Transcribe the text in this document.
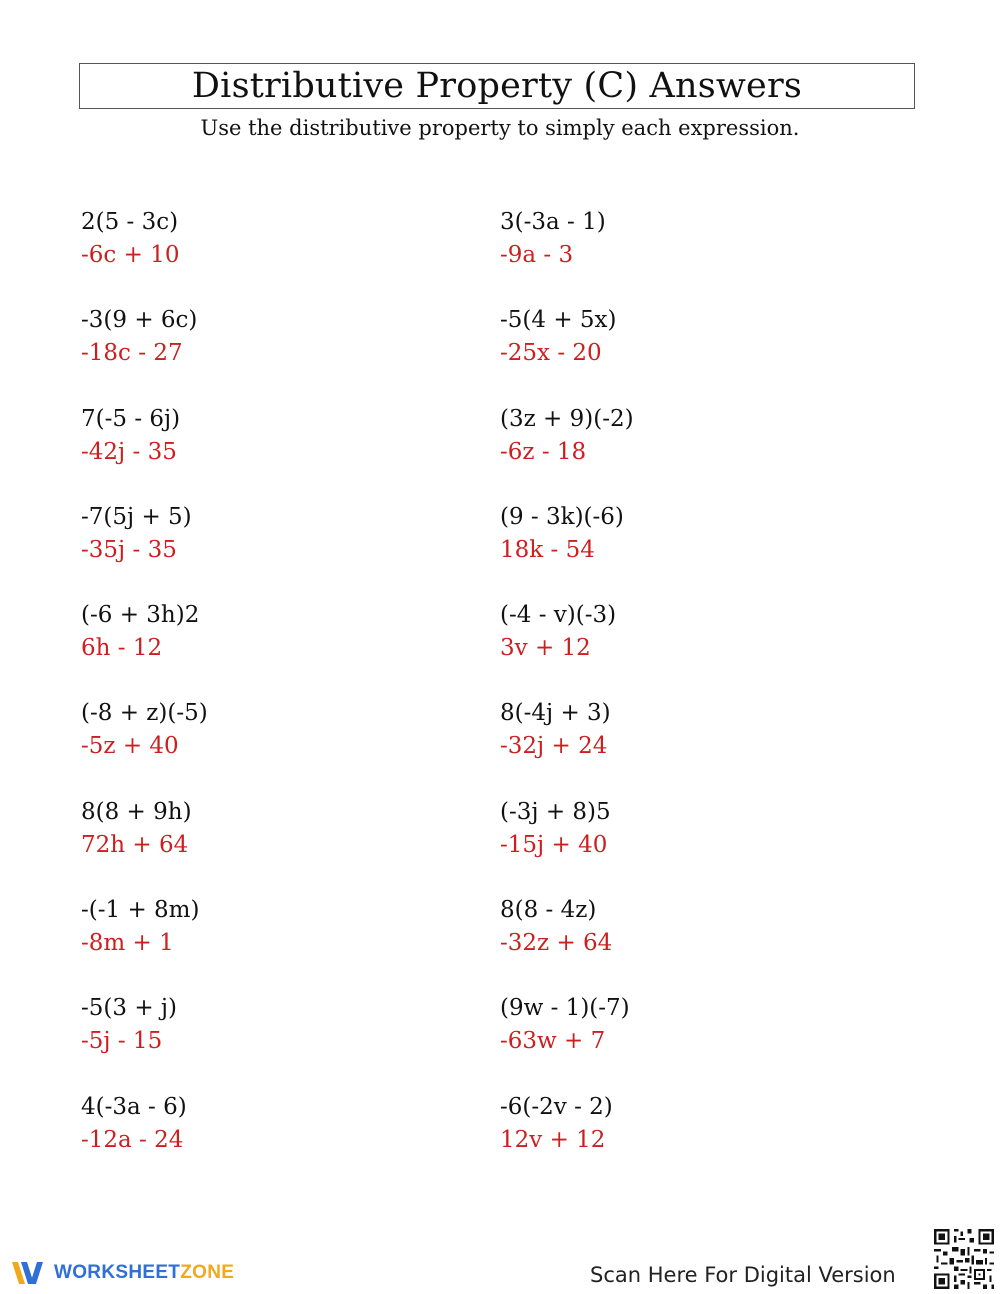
Distributive Property (C) Answers
Use the distributive property to simply each expression.
2(5 - 3c)
-6c + 10
-3(9 + 6c)
-18c - 27
7(-5 - 6j)
-42j - 35
-7(5j + 5)
-35j - 35
(-6 + 3h)2
6h - 12
(-8 + z)(-5)
-5z + 40
8(8 + 9h)
72h + 64
-(-1 + 8m)
-8m + 1
-5(3 + j)
-5j - 15
4(-3a - 6)
-12a - 24
3(-3a - 1)
-9a - 3
-5(4 + 5x)
-25x - 20
(3z + 9)(-2)
-6z - 18
(9 - 3k)(-6)
18k - 54
(-4 - v)(-3)
3v + 12
8(-4j + 3)
-32j + 24
(-3j + 8)5
-15j + 40
8(8 - 4z)
-32z + 64
(9w - 1)(-7)
-63w + 7
-6(-2v - 2)
12v + 12
WORKSHEETZONE	Scan Here For Digital Version
